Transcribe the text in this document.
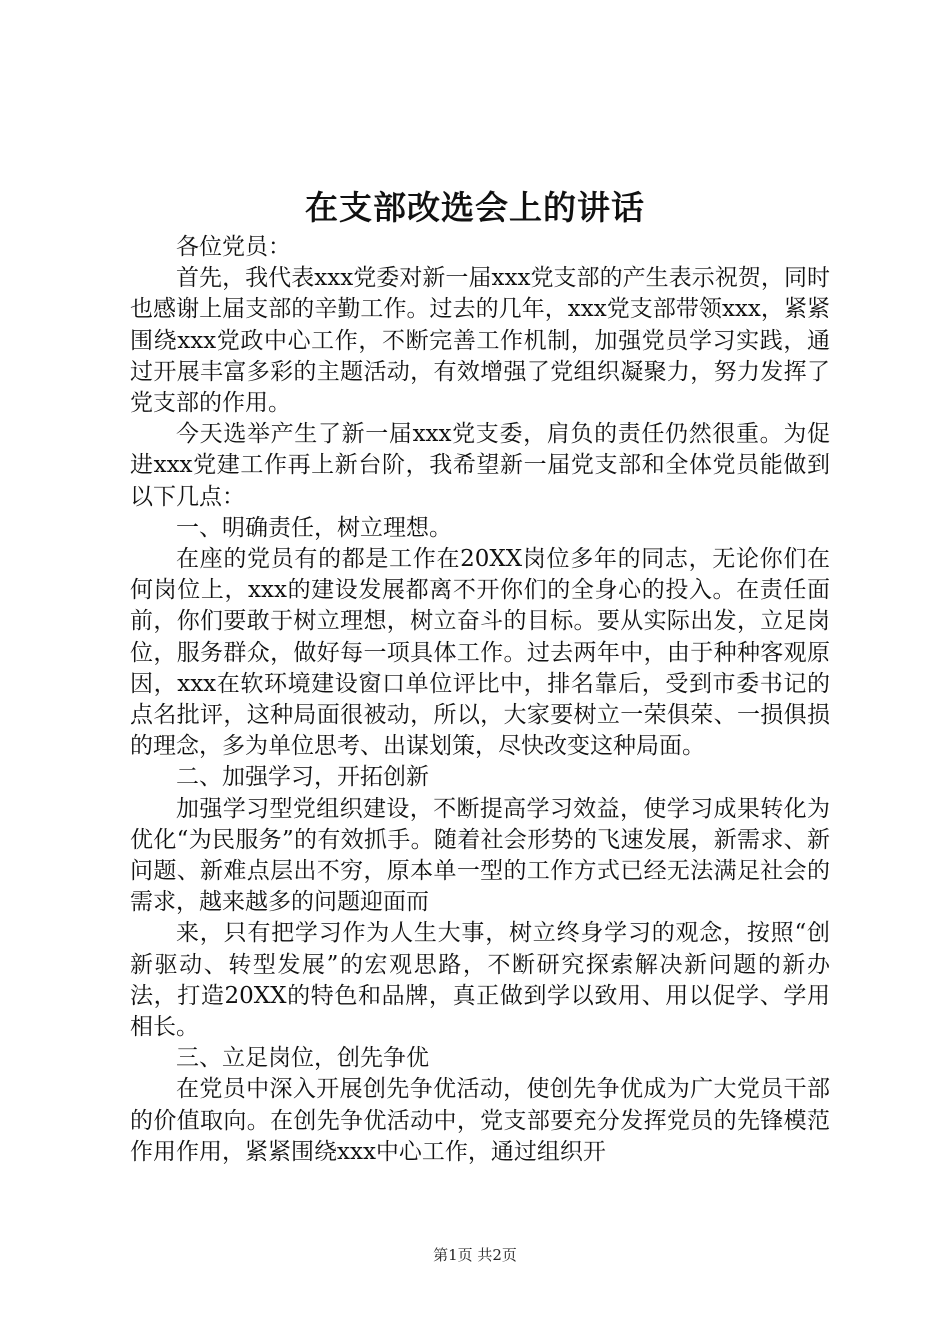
在支部改选会上的讲话

各位党员：

首先，我代表xxx党委对新一届xxx党支部的产生表示祝贺，同时也感谢上届支部的辛勤工作。过去的几年，xxx党支部带领xxx，紧紧围绕xxx党政中心工作，不断完善工作机制，加强党员学习实践，通过开展丰富多彩的主题活动，有效增强了党组织凝聚力，努力发挥了党支部的作用。

今天选举产生了新一届xxx党支委，肩负的责任仍然很重。为促进xxx党建工作再上新台阶，我希望新一届党支部和全体党员能做到以下几点：

一、明确责任，树立理想。

在座的党员有的都是工作在20XX岗位多年的同志，无论你们在何岗位上，xxx的建设发展都离不开你们的全身心的投入。在责任面前，你们要敢于树立理想，树立奋斗的目标。要从实际出发，立足岗位，服务群众，做好每一项具体工作。过去两年中，由于种种客观原因，xxx在软环境建设窗口单位评比中，排名靠后，受到市委书记的点名批评，这种局面很被动，所以，大家要树立一荣俱荣、一损俱损的理念，多为单位思考、出谋划策，尽快改变这种局面。

二、加强学习，开拓创新

加强学习型党组织建设，不断提高学习效益，使学习成果转化为优化“为民服务”的有效抓手。随着社会形势的飞速发展，新需求、新问题、新难点层出不穷，原本单一型的工作方式已经无法满足社会的需求，越来越多的问题迎面而

来，只有把学习作为人生大事，树立终身学习的观念，按照“创新驱动、转型发展”的宏观思路，不断研究探索解决新问题的新办法，打造20XX的特色和品牌，真正做到学以致用、用以促学、学用相长。

三、立足岗位，创先争优

在党员中深入开展创先争优活动，使创先争优成为广大党员干部的价值取向。在创先争优活动中，党支部要充分发挥党员的先锋模范作用作用，紧紧围绕xxx中心工作，通过组织开

第1页 共2页
